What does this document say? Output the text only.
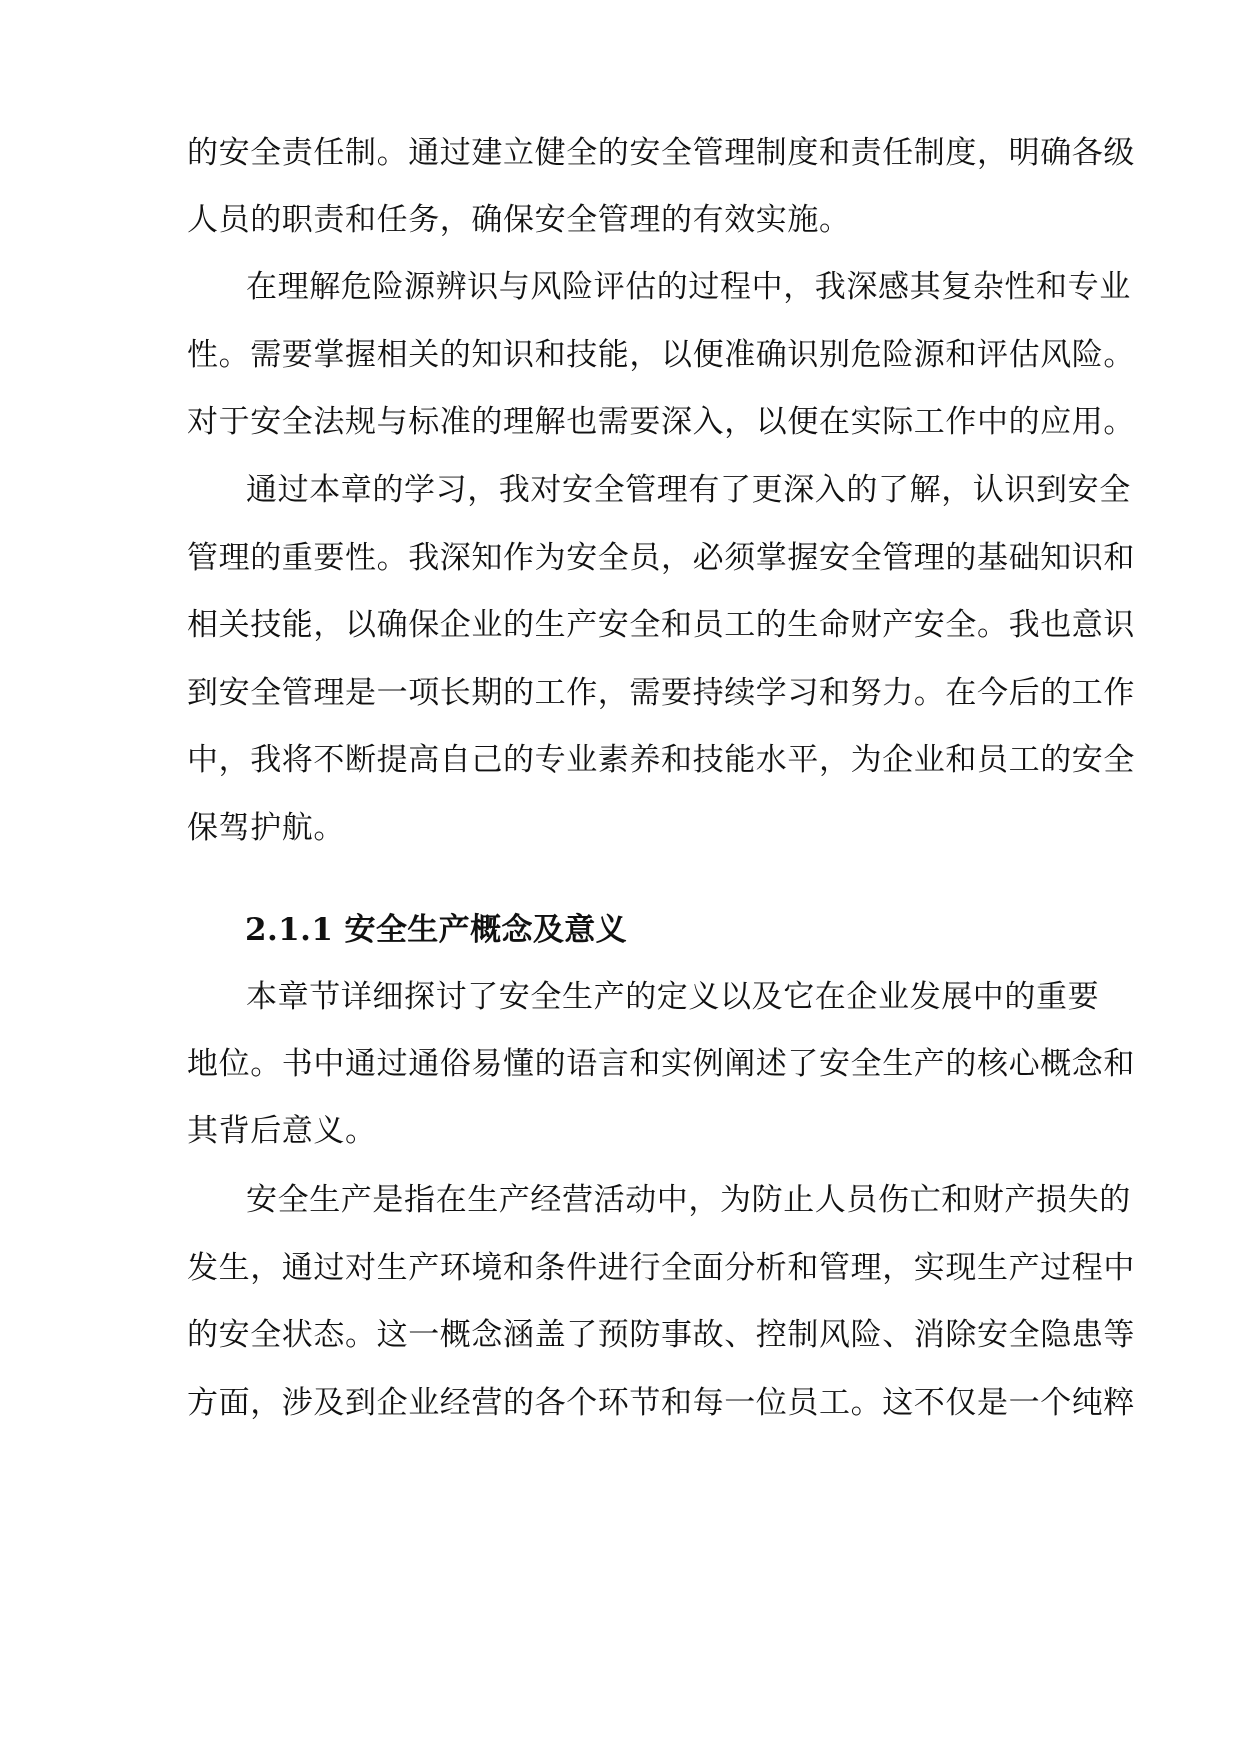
的安全责任制。通过建立健全的安全管理制度和责任制度，明确各级

人员的职责和任务，确保安全管理的有效实施。

在理解危险源辨识与风险评估的过程中，我深感其复杂性和专业

性。需要掌握相关的知识和技能，以便准确识别危险源和评估风险。

对于安全法规与标准的理解也需要深入，以便在实际工作中的应用。

通过本章的学习，我对安全管理有了更深入的了解，认识到安全

管理的重要性。我深知作为安全员，必须掌握安全管理的基础知识和

相关技能，以确保企业的生产安全和员工的生命财产安全。我也意识

到安全管理是一项长期的工作，需要持续学习和努力。在今后的工作

中，我将不断提高自己的专业素养和技能水平，为企业和员工的安全

保驾护航。

2.1.1 安全生产概念及意义

本章节详细探讨了安全生产的定义以及它在企业发展中的重要

地位。书中通过通俗易懂的语言和实例阐述了安全生产的核心概念和

其背后意义。

安全生产是指在生产经营活动中，为防止人员伤亡和财产损失的

发生，通过对生产环境和条件进行全面分析和管理，实现生产过程中

的安全状态。这一概念涵盖了预防事故、控制风险、消除安全隐患等

方面，涉及到企业经营的各个环节和每一位员工。这不仅是一个纯粹
